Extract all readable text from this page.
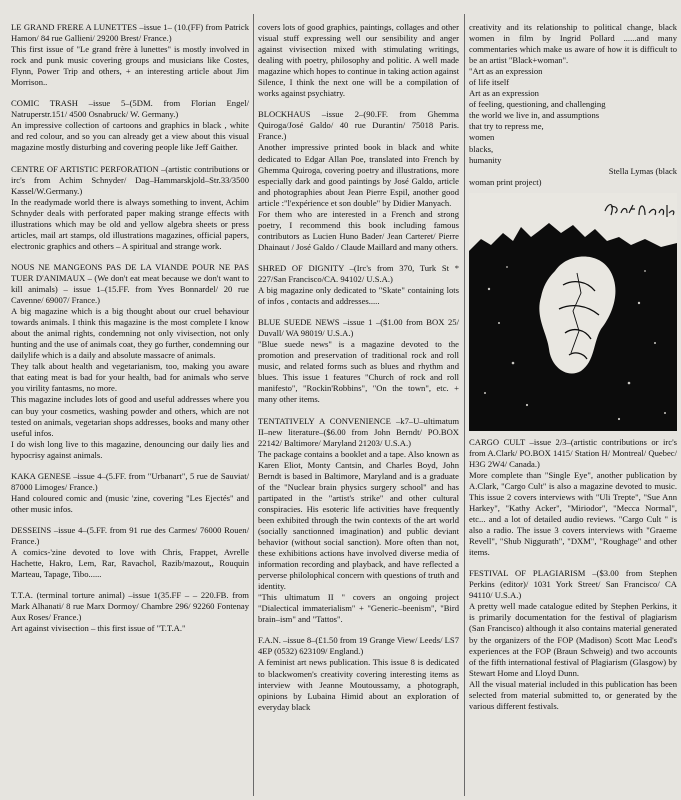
LE GRAND FRERE A LUNETTES –issue 1– (10.(FF) from Patrick Hamon/ 84 rue Gallieni/ 29200 Brest/ France.)

This first issue of "Le grand frère à lunettes" is mostly involved in rock and punk music covering groups and musicians like Costes, Flynn, Power Trip and others, + an interesting article about Jim Morrison..

COMIC TRASH –issue 5–(5DM. from Florian Engel/ Natruperstr.151/ 4500 Osnabruck/ W. Germany.)

An impressive collection of cartoons and graphics in black , white and red colour, and so you can already get a view about this visual magazine mostly disturbing and covering people like Jeff Gaither.

CENTRE OF ARTISTIC PERFORATION –(artistic contributions or irc's from Achim Schnyder/ Dag–Hammarskjold–Str.33/3500 Kassel/W.Germany.)

In the readymade world there is always something to invent, Achim Schnyder deals with perforated paper making strange effects with illustrations which may be old and yellow algebra sheets or press articles, mail art stamps, old illustrations magazines, official papers, electronic graphics and others – A spiritual and strange work.

NOUS NE MANGEONS PAS DE LA VIANDE POUR NE PAS TUER D'ANIMAUX – (We don't eat meat because we don't want to kill animals) – issue 1–(15.FF. from Yves Bonnardel/ 20 rue Cavenne/ 69007/ France.)

A big magazine which is a big thought about our cruel behaviour towards animals. I think this magazine is the most complete I know about the animal rights, condemning not only vivisection, not only hunting and the use of animals coat, they go further, condemning our dailylife which is a daily and absolute massacre of animals.

They talk about health and vegetarianism, too, making you aware that eating meat is bad for your health, bad for animals who serve you virility fantasms, no more.

This magazine includes lots of good and useful addresses where you can buy your cosmetics, washing powder and others, which are not tested on animals, vegetarian shops addresses, books and many other useful infos.

I do wish long live to this magazine, denouncing our daily lies and hypocrisy against animals.

KAKA GENESE –issue 4–(5.FF. from "Urbanart", 5 rue de Sauviat/ 87000 Limoges/ France.)

Hand coloured comic and (music 'zine, covering "Les Ejectés" and other music infos.

DESSEINS –issue 4–(5.FF. from 91 rue des Carmes/ 76000 Rouen/ France.)

A comics-'zine devoted to love with Chris, Frappet, Avrelle Hachette, Hakro, Lem, Rar, Ravachol, Razib/mazout,, Rouquin Marteau, Tapage, Tibo......

T.T.A. (terminal torture animal) –issue 1(35.FF – – 220.FB. from Mark Alhanati/ 8 rue Marx Dormoy/ Chambre 296/ 92260 Fontenay Aux Roses/ France.)

Art against vivisection – this first issue of "T.T.A."

covers lots of good graphics, paintings, collages and other visual stuff expressing well our sensibility and anger against vivisection mixed with stimulating writings, dealing with poetry, philosophy and politic. A well made magazine which hopes to continue in taking action against Silence, I think the next one will be a compilation of works against psychiatry.

BLOCKHAUS –issue 2–(90.FF. from Ghemma Quiroga/José Galdo/ 40 rue Durantin/ 75018 Paris. France.)

Another impressive printed book in black and white dedicated to Edgar Allan Poe, translated into French by Ghemma Quiroga, covering poetry and illustrations, more especially dark and good paintings by José Galdo, article and photographies about Jean Pierre Espil, another good article :"l'expérience et son double" by Didier Manyach.

For them who are interested in a French and strong poetry, I recommend this book including famous contributors as Lucien Huno Bader/ Jean Carteret/ Pierre Dhainaut / José Galdo / Claude Maillard and many others.

SHRED OF DIGNITY –(Irc's from 370, Turk St * 227/San Francisco/CA. 94102/ U.S.A.)

A big magazine only dedicated to "Skate" containing lots of infos , contacts and addresses.....

BLUE SUEDE NEWS –issue 1 –($1.00 from BOX 25/ Duvall/ WA 98019/ U.S.A.)

"Blue suede news" is a magazine devoted to the promotion and preservation of traditional rock and roll music, and related forms such as blues and rhythm and blues. This issue 1 features "Church of rock and roll manifesto", "Rockin'Robbins", "On the town", etc. + many other items.

TENTATIVELY A CONVENIENCE –k7–U–ultimatum II–new literature–($6.00 from John Berndt/ PO.BOX 22142/ Baltimore/ Maryland 21203/ U.S.A.)

The package contains a booklet and a tape. Also known as Karen Eliot, Monty Cantsin, and Charles Boyd, John Berndt is based in Baltimore, Maryland and is a graduate of the "Nuclear brain physics surgery school" and has partipated in the "artist's strike" and other cultural conspiracies. His esoteric life activities have frequently been exhibited through the twin contexts of the art world (socially sanctionned imagination) and public deviant behavior (without social sanction). More often than not, these exhibitions actions have involved diverse media of information recording and playback, and have reflected a perverse philolophical concern with questions of truth and identity.

"This ultimatum II " covers an ongoing project "Dialectical immaterialism" + "Generic–beenism", "Bird brain–ism" and "Tattos".

F.A.N. –issue 8–(£1.50 from 19 Grange View/ Leeds/ LS7 4EP (0532) 623109/ England.)

A feminist art news publication. This issue 8 is dedicated to blackwomen's creativity covering interesting items as interview with Jeanne Moutoussamy, a photograph, opinions by Lubaina Himid about an exploration of everyday black

creativity and its relationship to political change, black women in film by Ingrid Pollard ......and many commentaries which make us aware of how it is difficult to be an artist "Black+woman".

"Art as an expression

of life itself

Art as an expression

of feeling, questioning, and challenging

the world we live in, and assumptions

that try to repress me,

women

blacks,

humanity

Stella Lymas (black

woman print project)

CARGO CULT –issue 2/3–(artistic contributions or irc's from A.Clark/ PO.BOX 1415/ Station H/ Montreal/ Quebec/ H3G 2W4/ Canada.)

More complete than "Single Eye", another publication by A.Clark, "Cargo Cult" is also a magazine devoted to music. This issue 2 covers interviews with "Uli Trepte", "Sue Ann Harkey", "Kathy Acker", "Miriodor", "Mecca Normal", etc... and a lot of detailed audio reviews. "Cargo Cult " is also a radio. The issue 3 covers interviews with "Graeme Revell", "Shub Niggurath", "DXM", "Roughage" and other items.

FESTIVAL OF PLAGIARISM –($3.00 from Stephen Perkins (editor)/ 1031 York Street/ San Francisco/ CA 94110/ U.S.A.)

A pretty well made catalogue edited by Stephen Perkins, it is primarily documentation for the festival of plagiarism (San Francisco) although it also contains material generated by the organizers of the FOP (Madison) Scott Mac Leod's experiences at the FOP (Braun Schweig) and two accounts of the fifth international festival of Plagiarism (Glasgow) by Stewart Home and Lloyd Dunn.

All the visual material included in this publication has been selected from material submitted to, or generated by the various different festivals.
